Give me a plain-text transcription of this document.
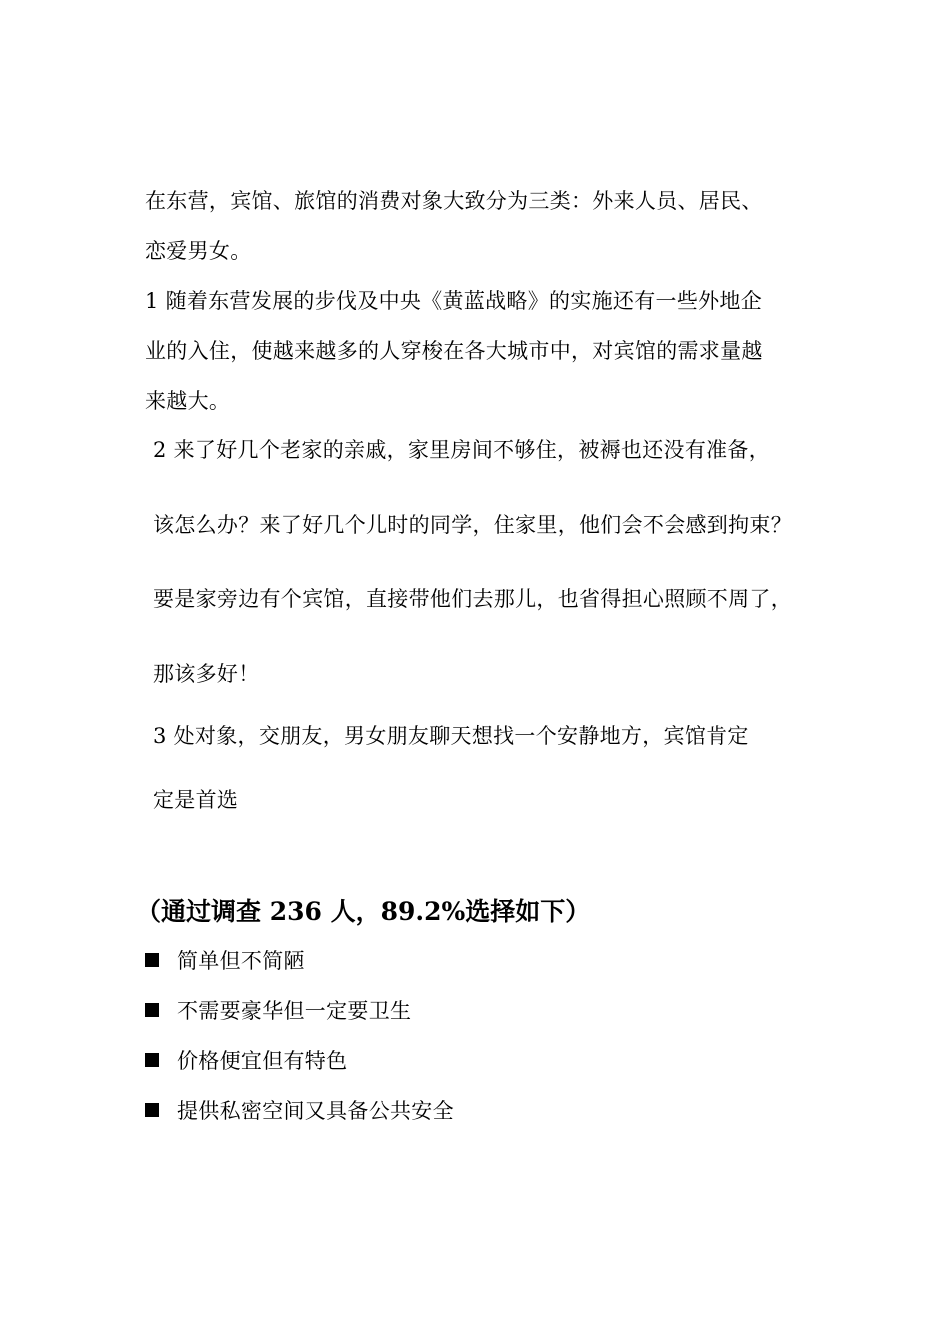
在东营，宾馆、旅馆的消费对象大致分为三类：外来人员、居民、
恋爱男女。
1 随着东营发展的步伐及中央《黄蓝战略》的实施还有一些外地企
业的入住，使越来越多的人穿梭在各大城市中，对宾馆的需求量越
来越大。
2 来了好几个老家的亲戚，家里房间不够住，被褥也还没有准备，
该怎么办？来了好几个儿时的同学，住家里，他们会不会感到拘束？
要是家旁边有个宾馆，直接带他们去那儿，也省得担心照顾不周了，
那该多好！
3 处对象，交朋友，男女朋友聊天想找一个安静地方，宾馆肯定
定是首选
（通过调查 236 人，89.2%选择如下）
简单但不简陋
不需要豪华但一定要卫生
价格便宜但有特色
提供私密空间又具备公共安全
